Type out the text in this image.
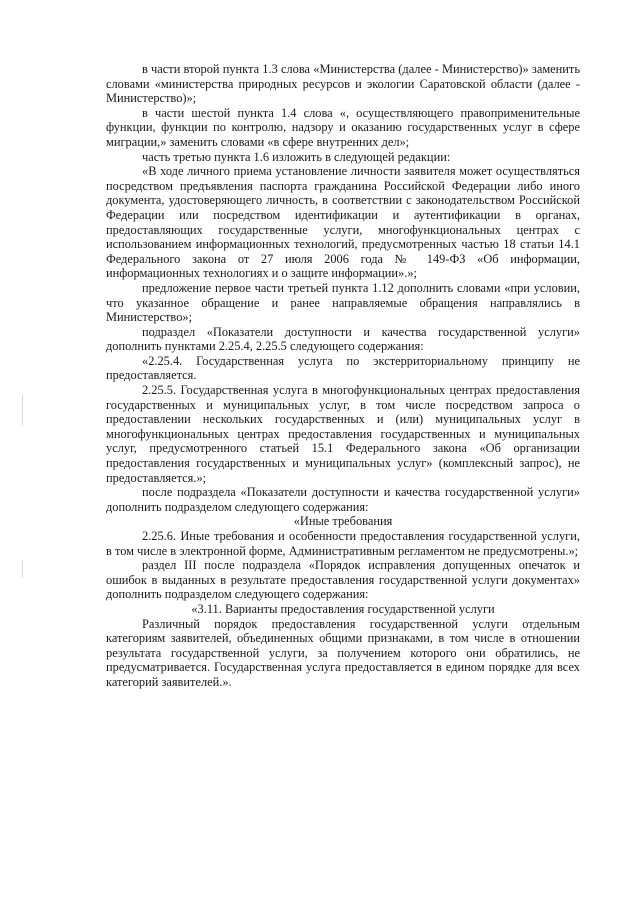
в части второй пункта 1.3 слова «Министерства (далее - Министерство)» заменить словами «министерства природных ресурсов и экологии Саратовской области (далее - Министерство)»;

в части шестой пункта 1.4 слова «, осуществляющего правоприменительные функции, функции по контролю, надзору и оказанию государственных услуг в сфере миграции,» заменить словами «в сфере внутренних дел»;

часть третью пункта 1.6 изложить в следующей редакции:

«В ходе личного приема установление личности заявителя может осуществляться посредством предъявления паспорта гражданина Российской Федерации либо иного документа, удостоверяющего личность, в соответствии с законодательством Российской Федерации или посредством идентификации и аутентификации в органах, предоставляющих государственные услуги, многофункциональных центрах с использованием информационных технологий, предусмотренных частью 18 статьи 14.1 Федерального закона от 27 июля 2006 года № 149-ФЗ «Об информации, информационных технологиях и о защите информации».»;

предложение первое части третьей пункта 1.12 дополнить словами «при условии, что указанное обращение и ранее направляемые обращения направлялись в Министерство»;

подраздел «Показатели доступности и качества государственной услуги» дополнить пунктами 2.25.4, 2.25.5 следующего содержания:

«2.25.4. Государственная услуга по экстерриториальному принципу не предоставляется.

2.25.5. Государственная услуга в многофункциональных центрах предоставления государственных и муниципальных услуг, в том числе посредством запроса о предоставлении нескольких государственных и (или) муниципальных услуг в многофункциональных центрах предоставления государственных и муниципальных услуг, предусмотренного статьей 15.1 Федерального закона «Об организации предоставления государственных и муниципальных услуг» (комплексный запрос), не предоставляется.»;

после подраздела «Показатели доступности и качества государственной услуги» дополнить подразделом следующего содержания:

«Иные требования

2.25.6. Иные требования и особенности предоставления государственной услуги, в том числе в электронной форме, Административным регламентом не предусмотрены.»;

раздел III после подраздела «Порядок исправления допущенных опечаток и ошибок в выданных в результате предоставления государственной услуги документах» дополнить подразделом следующего содержания:

«3.11. Варианты предоставления государственной услуги

Различный порядок предоставления государственной услуги отдельным категориям заявителей, объединенных общими признаками, в том числе в отношении результата государственной услуги, за получением которого они обратились, не предусматривается. Государственная услуга предоставляется в едином порядке для всех категорий заявителей.».
